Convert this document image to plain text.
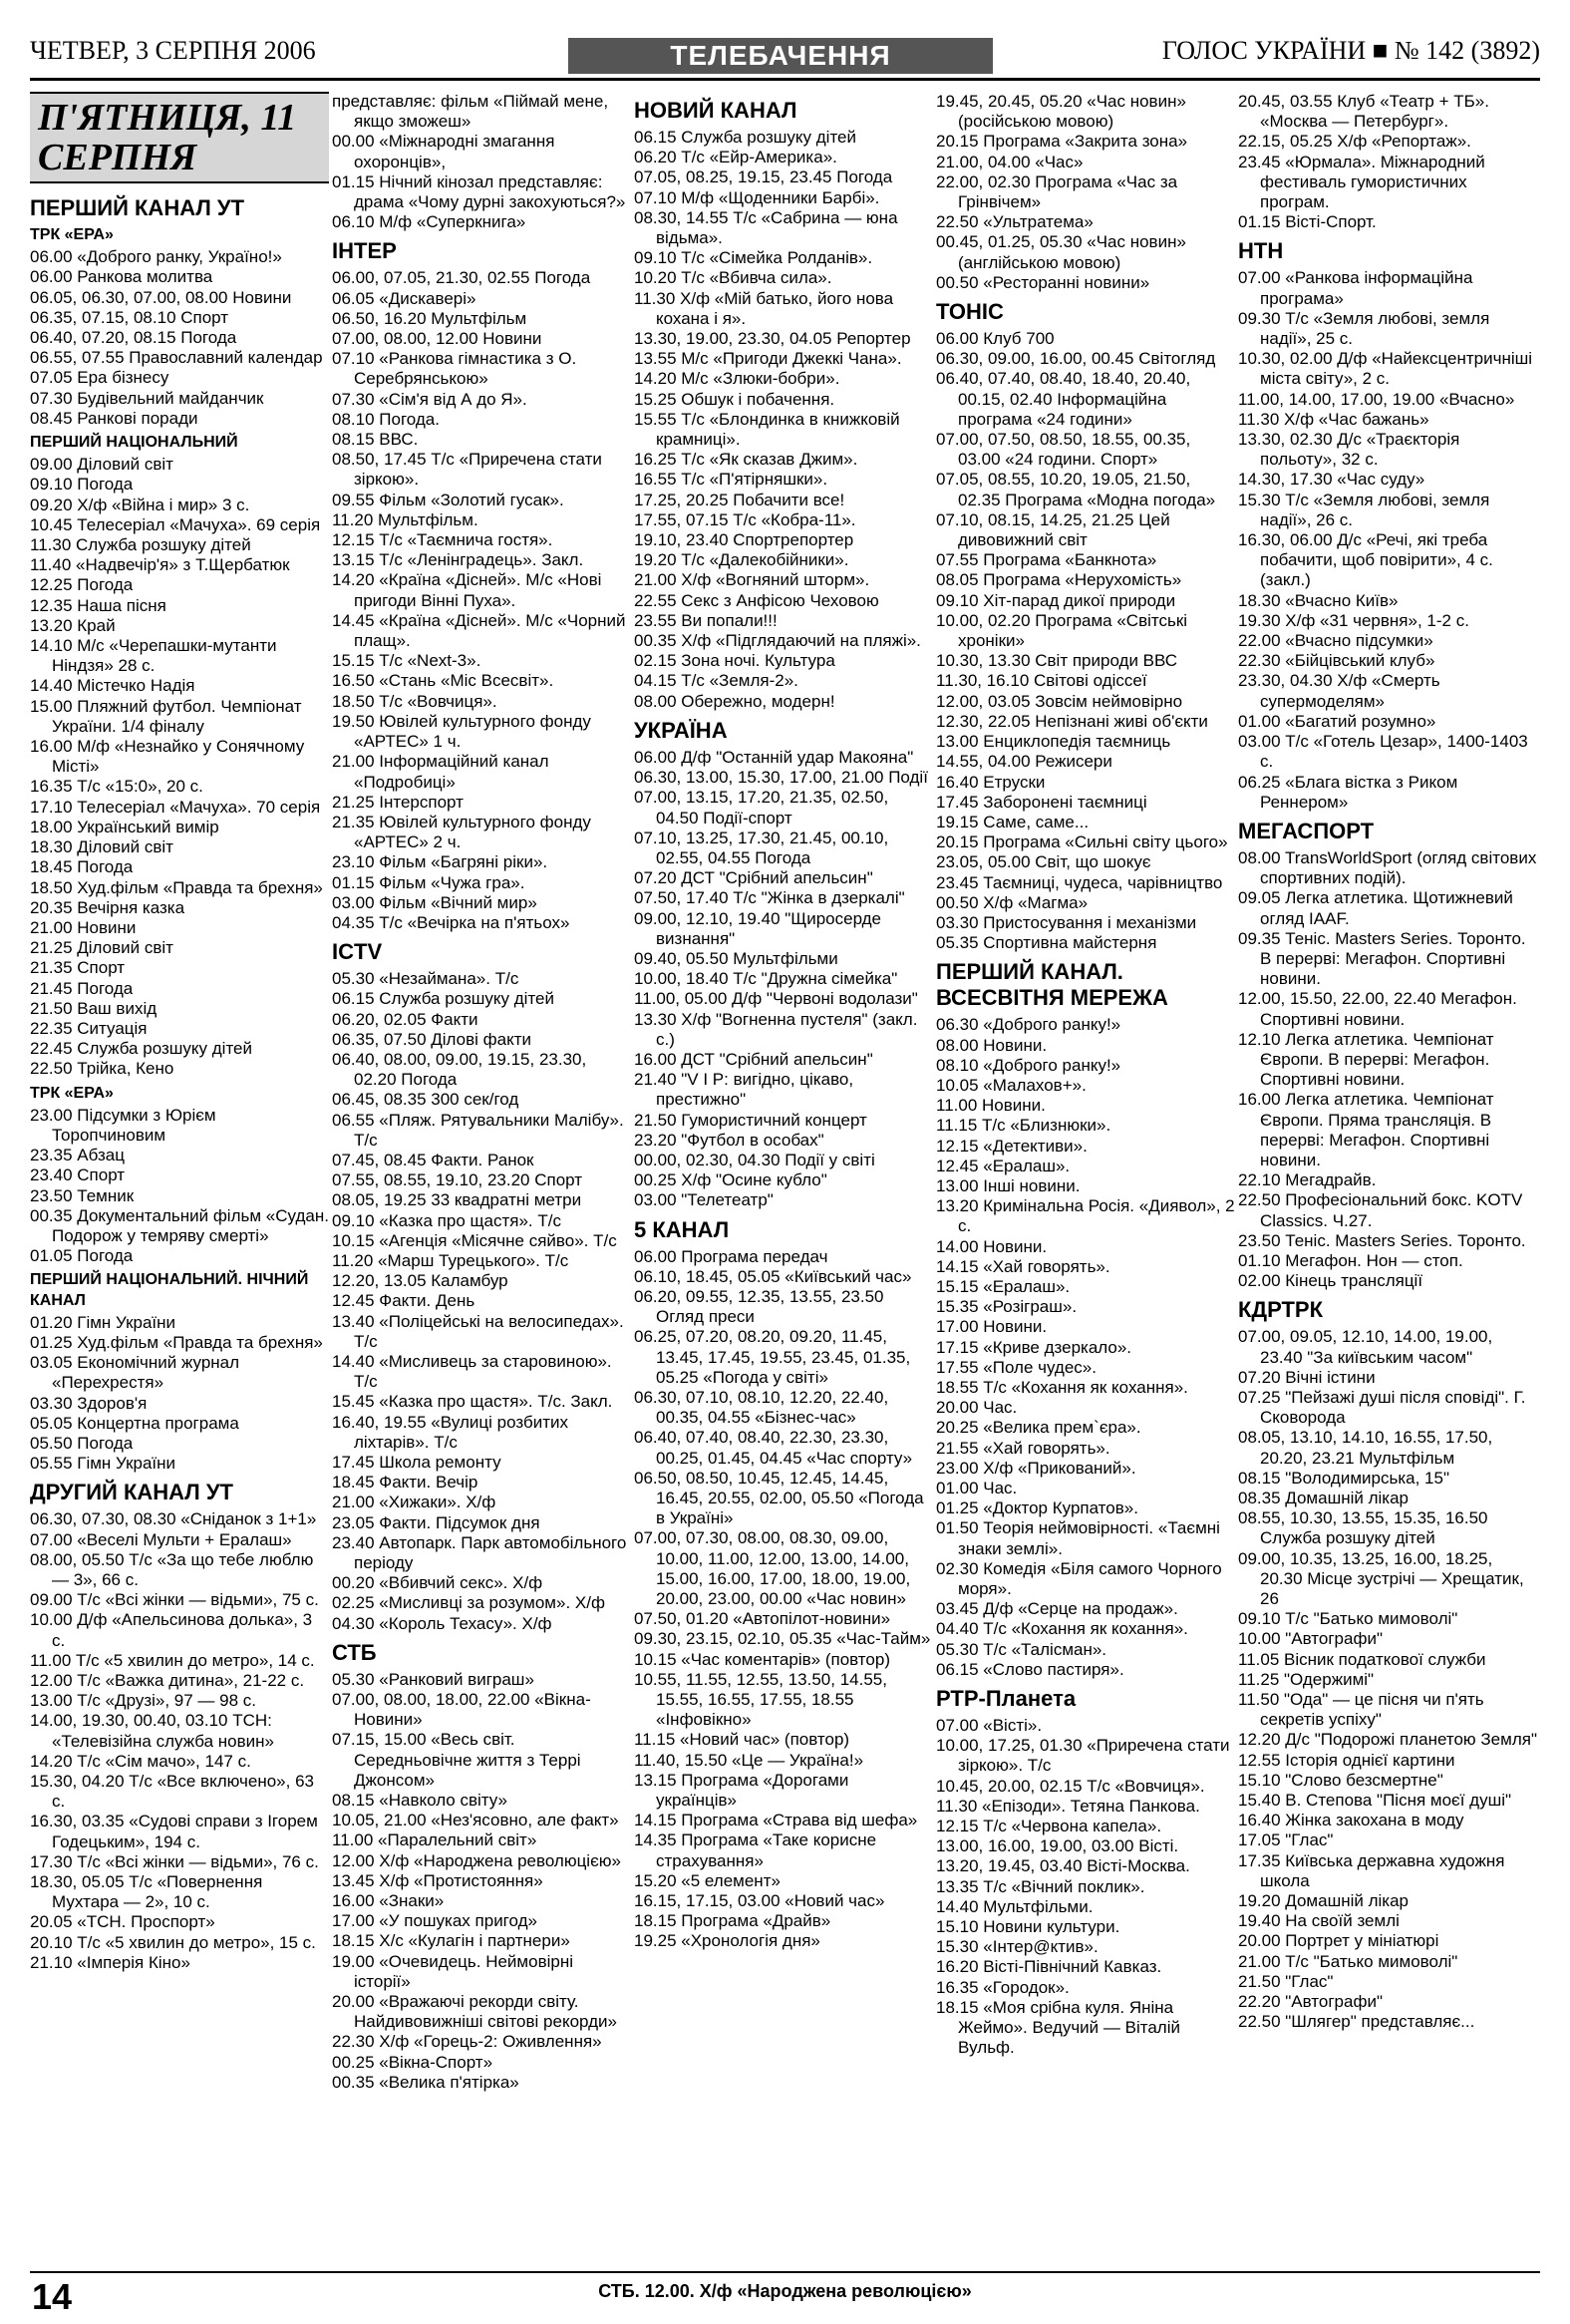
ЧЕТВЕР, 3 СЕРПНЯ 2006	ТЕЛЕБАЧЕННЯ	ГОЛОС УКРАЇНИ ■ № 142 (3892)
П'ЯТНИЦЯ, 11 СЕРПНЯ
ПЕРШИЙ КАНАЛ УТ
ТРК «ЕРА»
06.00 «Доброго ранку, Україно!»
06.00 Ранкова молитва
06.05, 06.30, 07.00, 08.00 Новини
06.35, 07.15, 08.10 Спорт
06.40, 07.20, 08.15 Погода
06.55, 07.55 Православний календар
07.05 Ера бізнесу
07.30 Будівельний майданчик
08.45 Ранкові поради
ПЕРШИЙ НАЦІОНАЛЬНИЙ
09.00 Діловий світ
09.10 Погода
09.20 Х/ф «Війна і мир» 3 с.
10.45 Телесеріал «Мачуха». 69 серія
11.30 Служба розшуку дітей
11.40 «Надвечір'я» з Т.Щербатюк
12.25 Погода
12.35 Наша пісня
13.20 Край
14.10 М/с «Черепашки-мутанти Ніндзя» 28 с.
14.40 Містечко Надія
15.00 Пляжний футбол. Чемпіонат України. 1/4 фіналу
16.00 М/ф «Незнайко у Сонячному Місті»
16.35 Т/с «15:0», 20 с.
17.10 Телесеріал «Мачуха». 70 серія
18.00 Український вимір
18.30 Діловий світ
18.45 Погода
18.50 Худ.фільм «Правда та брехня»
20.35 Вечірня казка
21.00 Новини
21.25 Діловий світ
21.35 Спорт
21.45 Погода
21.50 Ваш вихід
22.35 Ситуація
22.45 Служба розшуку дітей
22.50 Трійка, Кено
ТРК «ЕРА»
23.00 Підсумки з Юрієм Торопчиновим
23.35 Абзац
23.40 Спорт
23.50 Темник
00.35 Документальний фільм «Судан. Подорож у темряву смерті»
01.05 Погода
ПЕРШИЙ НАЦІОНАЛЬНИЙ. НІЧНИЙ КАНАЛ
01.20 Гімн України
01.25 Худ.фільм «Правда та брехня»
03.05 Економічний журнал «Перехрестя»
03.30 Здоров'я
05.05 Концертна програма
05.50 Погода
05.55 Гімн України
ДРУГИЙ КАНАЛ УТ
06.30, 07.30, 08.30 «Сніданок з 1+1»
07.00 «Веселі Мульти + Ералаш»
08.00, 05.50 Т/с «За що тебе люблю — 3», 66 с.
09.00 Т/с «Всі жінки — відьми», 75 с.
10.00 Д/ф «Апельсинова долька», 3 с.
11.00 Т/с «5 хвилин до метро», 14 с.
12.00 Т/с «Важка дитина», 21-22 с.
13.00 Т/с «Друзі», 97 — 98 с.
14.00, 19.30, 00.40, 03.10 ТСН: «Телевізійна служба новин»
14.20 Т/с «Сім мачо», 147 с.
15.30, 04.20 Т/с «Все включено», 63 с.
16.30, 03.35 «Судові справи з Ігорем Годецьким», 194 с.
17.30 Т/с «Всі жінки — відьми», 76 с.
18.30, 05.05 Т/с «Повернення Мухтара — 2», 10 с.
20.05 «ТСН. Проспорт»
20.10 Т/с «5 хвилин до метро», 15 с.
21.10 «Імперія Кіно»
представляє: фільм «Піймай мене, якщо зможеш»
00.00 «Міжнародні змагання охоронців»,
01.15 Нічний кінозал представляє: драма «Чому дурні закохуються?»
06.10 М/ф «Суперкнига»
ІНТЕР
06.00, 07.05, 21.30, 02.55 Погода
06.05 «Дискавері»
06.50, 16.20 Мультфільм
07.00, 08.00, 12.00 Новини
07.10 «Ранкова гімнастика з О. Серебрянською»
07.30 «Сім'я від А до Я».
08.10 Погода.
08.15 ВВС.
08.50, 17.45 Т/с «Приречена стати зіркою».
09.55 Фільм «Золотий гусак».
11.20 Мультфільм.
12.15 Т/с «Таємнича гостя».
13.15 Т/с «Ленінградець». Закл.
14.20 «Країна «Дісней». М/с «Нові пригоди Вінні Пуха».
14.45 «Країна «Дісней». М/с «Чорний плащ».
15.15 Т/с «Next-3».
16.50 «Стань «Міс Всесвіт».
18.50 Т/с «Вовчиця».
19.50 Ювілей культурного фонду «АРТЕС» 1 ч.
21.00 Інформаційний канал «Подробиці»
21.25 Інтерспорт
21.35 Ювілей культурного фонду «АРТЕС» 2 ч.
23.10 Фільм «Багряні ріки».
01.15 Фільм «Чужа гра».
03.00 Фільм «Вічний мир»
04.35 Т/с «Вечірка на п'ятьох»
ICTV
05.30 «Незаймана». Т/с
06.15 Служба розшуку дітей
06.20, 02.05 Факти
06.35, 07.50 Ділові факти
06.40, 08.00, 09.00, 19.15, 23.30, 02.20 Погода
06.45, 08.35 300 сек/год
06.55 «Пляж. Рятувальники Малібу». Т/с
07.45, 08.45 Факти. Ранок
07.55, 08.55, 19.10, 23.20 Спорт
08.05, 19.25 33 квадратні метри
09.10 «Казка про щастя». Т/с
10.15 «Агенція «Місячне сяйво». Т/с
11.20 «Марш Турецького». Т/с
12.20, 13.05 Каламбур
12.45 Факти. День
13.40 «Поліцейські на велосипедах». Т/с
14.40 «Мисливець за старовиною». Т/с
15.45 «Казка про щастя». Т/с. Закл.
16.40, 19.55 «Вулиці розбитих ліхтарів». Т/с
17.45 Школа ремонту
18.45 Факти. Вечір
21.00 «Хижаки». Х/ф
23.05 Факти. Підсумок дня
23.40 Автопарк. Парк автомобільного періоду
00.20 «Вбивчий секс». Х/ф
02.25 «Мисливці за розумом». Х/ф
04.30 «Король Техасу». Х/ф
СТБ
05.30 «Ранковий виграш»
07.00, 08.00, 18.00, 22.00 «Вікна-Новини»
07.15, 15.00 «Весь світ. Середньовічне життя з Террі Джонсом»
08.15 «Навколо світу»
10.05, 21.00 «Нез'ясовно, але факт»
11.00 «Паралельний світ»
12.00 Х/ф «Народжена революцією»
13.45 Х/ф «Протистояння»
16.00 «Знаки»
17.00 «У пошуках пригод»
18.15 Х/с «Кулагін і партнери»
19.00 «Очевидець. Неймовірні історії»
20.00 «Вражаючі рекорди світу. Найдивовижніші світові рекорди»
22.30 Х/ф «Горець-2: Оживлення»
00.25 «Вікна-Спорт»
00.35 «Велика п'ятірка»
НОВИЙ КАНАЛ
06.15 Служба розшуку дітей
06.20 Т/с «Ейр-Америка».
07.05, 08.25, 19.15, 23.45 Погода
07.10 М/ф «Щоденники Барбі».
08.30, 14.55 Т/с «Сабрина — юна відьма».
09.10 Т/с «Сімейка Ролданів».
10.20 Т/с «Вбивча сила».
11.30 Х/ф «Мій батько, його нова кохана і я».
13.30, 19.00, 23.30, 04.05 Репортер
13.55 М/с «Пригоди Джеккі Чана».
14.20 М/с «Злюки-бобри».
15.25 Обшук і побачення.
15.55 Т/с «Блондинка в книжковій крамниці».
16.25 Т/с «Як сказав Джим».
16.55 Т/с «П'ятірняшки».
17.25, 20.25 Побачити все!
17.55, 07.15 Т/с «Кобра-11».
19.10, 23.40 Спортрепортер
19.20 Т/с «Далекобійники».
21.00 Х/ф «Вогняний шторм».
22.55 Секс з Анфісою Чеховою
23.55 Ви попали!!!
00.35 Х/ф «Підглядаючий на пляжі».
02.15 Зона ночі. Культура
04.15 Т/с «Земля-2».
08.00 Обережно, модерн!
УКРАЇНА
06.00 Д/ф "Останній удар Макояна"
06.30, 13.00, 15.30, 17.00, 21.00 Події
07.00, 13.15, 17.20, 21.35, 02.50, 04.50 Події-спорт
07.10, 13.25, 17.30, 21.45, 00.10, 02.55, 04.55 Погода
07.20 ДСТ "Срібний апельсин"
07.50, 17.40 Т/с "Жінка в дзеркалі"
09.00, 12.10, 19.40 "Щиросерде визнання"
09.40, 05.50 Мультфільми
10.00, 18.40 Т/с "Дружна сімейка"
11.00, 05.00 Д/ф "Червоні водолази"
13.30 Х/ф "Вогненна пустеля" (закл. с.)
16.00 ДСТ "Срібний апельсин"
21.40 "V I P: вигідно, цікаво, престижно"
21.50 Гумористичний концерт
23.20 "Футбол в особах"
00.00, 02.30, 04.30 Події у світі
00.25 Х/ф "Осине кубло"
03.00 "Телетеатр"
5 КАНАЛ
06.00 Програма передач
06.10, 18.45, 05.05 «Київський час»
06.20, 09.55, 12.35, 13.55, 23.50 Огляд преси
06.25, 07.20, 08.20, 09.20, 11.45, 13.45, 17.45, 19.55, 23.45, 01.35, 05.25 «Погода у світі»
06.30, 07.10, 08.10, 12.20, 22.40, 00.35, 04.55 «Бізнес-час»
06.40, 07.40, 08.40, 22.30, 23.30, 00.25, 01.45, 04.45 «Час спорту»
06.50, 08.50, 10.45, 12.45, 14.45, 16.45, 20.55, 02.00, 05.50 «Погода в Україні»
07.00, 07.30, 08.00, 08.30, 09.00, 10.00, 11.00, 12.00, 13.00, 14.00, 15.00, 16.00, 17.00, 18.00, 19.00, 20.00, 23.00, 00.00 «Час новин»
07.50, 01.20 «Автопілот-новини»
09.30, 23.15, 02.10, 05.35 «Час-Тайм»
10.15 «Час коментарів» (повтор)
10.55, 11.55, 12.55, 13.50, 14.55, 15.55, 16.55, 17.55, 18.55 «Інфовікно»
11.15 «Новий час» (повтор)
11.40, 15.50 «Це — Україна!»
13.15 Програма «Дорогами українців»
14.15 Програма «Страва від шефа»
14.35 Програма «Таке корисне страхування»
15.20 «5 елемент»
16.15, 17.15, 03.00 «Новий час»
18.15 Програма «Драйв»
19.25 «Хронологія дня»
19.45, 20.45, 05.20 «Час новин» (російською мовою)
20.15 Програма «Закрита зона»
21.00, 04.00 «Час»
22.00, 02.30 Програма «Час за Грінвічем»
22.50 «Ультратема»
00.45, 01.25, 05.30 «Час новин» (англійською мовою)
00.50 «Ресторанні новини»
ТОНІС
06.00 Клуб 700
06.30, 09.00, 16.00, 00.45 Світогляд
06.40, 07.40, 08.40, 18.40, 20.40, 00.15, 02.40 Інформаційна програма «24 години»
07.00, 07.50, 08.50, 18.55, 00.35, 03.00 «24 години. Спорт»
07.05, 08.55, 10.20, 19.05, 21.50, 02.35 Програма «Модна погода»
07.10, 08.15, 14.25, 21.25 Цей дивовижний світ
07.55 Програма «Банкнота»
08.05 Програма «Нерухомість»
09.10 Хіт-парад дикої природи
10.00, 02.20 Програма «Світські хроніки»
10.30, 13.30 Світ природи ВВС
11.30, 16.10 Світові одіссеї
12.00, 03.05 Зовсім неймовірно
12.30, 22.05 Непізнані живі об'єкти
13.00 Енциклопедія таємниць
14.55, 04.00 Режисери
16.40 Етруски
17.45 Заборонені таємниці
19.15 Саме, саме...
20.15 Програма «Сильні світу цього»
23.05, 05.00 Світ, що шокує
23.45 Таємниці, чудеса, чарівництво
00.50 Х/ф «Магма»
03.30 Пристосування і механізми
05.35 Спортивна майстерня
ПЕРШИЙ КАНАЛ. ВСЕСВІТНЯ МЕРЕЖА
06.30 «Доброго ранку!»
08.00 Новини.
08.10 «Доброго ранку!»
10.05 «Малахов+».
11.00 Новини.
11.15 Т/с «Близнюки».
12.15 «Детективи».
12.45 «Ералаш».
13.00 Інші новини.
13.20 Кримінальна Росія. «Диявол», 2 с.
14.00 Новини.
14.15 «Хай говорять».
15.15 «Ералаш».
15.35 «Розіграш».
17.00 Новини.
17.15 «Криве дзеркало».
17.55 «Поле чудес».
18.55 Т/с «Кохання як кохання».
20.00 Час.
20.25 «Велика прем`єра».
21.55 «Хай говорять».
23.00 Х/ф «Прикований».
01.00 Час.
01.25 «Доктор Курпатов».
01.50 Теорія неймовірності. «Таємні знаки землі».
02.30 Комедія «Біля самого Чорного моря».
03.45 Д/ф «Серце на продаж».
04.40 Т/с «Кохання як кохання».
05.30 Т/с «Талісман».
06.15 «Слово пастиря».
РТР-Планета
07.00 «Вісті».
10.00, 17.25, 01.30 «Приречена стати зіркою». Т/с
10.45, 20.00, 02.15 Т/с «Вовчиця».
11.30 «Епізоди». Тетяна Панкова.
12.15 Т/с «Червона капела».
13.00, 16.00, 19.00, 03.00 Вісті.
13.20, 19.45, 03.40 Вісті-Москва.
13.35 Т/с «Вічний поклик».
14.40 Мультфільми.
15.10 Новини культури.
15.30 «Інтер@ктив».
16.20 Вісті-Північний Кавказ.
16.35 «Городок».
18.15 «Моя срібна куля. Яніна Жеймо». Ведучий — Віталій Вульф.
20.45, 03.55 Клуб «Театр + ТБ». «Москва — Петербург».
22.15, 05.25 Х/ф «Репортаж».
23.45 «Юрмала». Міжнародний фестиваль гумористичних програм.
01.15 Вісті-Спорт.
НТН
07.00 «Ранкова інформаційна програма»
09.30 Т/с «Земля любові, земля надії», 25 с.
10.30, 02.00 Д/ф «Найексцентричніші міста світу», 2 с.
11.00, 14.00, 17.00, 19.00 «Вчасно»
11.30 Х/ф «Час бажань»
13.30, 02.30 Д/с «Траєкторія польоту», 32 с.
14.30, 17.30 «Час суду»
15.30 Т/с «Земля любові, земля надії», 26 с.
16.30, 06.00 Д/с «Речі, які треба побачити, щоб повірити», 4 с. (закл.)
18.30 «Вчасно Київ»
19.30 Х/ф «31 червня», 1-2 с.
22.00 «Вчасно підсумки»
22.30 «Бійцівський клуб»
23.30, 04.30 Х/ф «Смерть супермоделям»
01.00 «Багатий розумно»
03.00 Т/с «Готель Цезар», 1400-1403 с.
06.25 «Блага вістка з Риком Реннером»
МЕГАСПОРТ
08.00 TransWorldSport (огляд світових спортивних подій).
09.05 Легка атлетика. Щотижневий огляд IAAF.
09.35 Теніс. Masters Series. Торонто. В перерві: Мегафон. Спортивні новини.
12.00, 15.50, 22.00, 22.40 Мегафон. Спортивні новини.
12.10 Легка атлетика. Чемпіонат Європи. В перерві: Мегафон. Спортивні новини.
16.00 Легка атлетика. Чемпіонат Європи. Пряма трансляція. В перерві: Мегафон. Спортивні новини.
22.10 Мегадрайв.
22.50 Професіональний бокс. KOTV Classics. Ч.27.
23.50 Теніс. Masters Series. Торонто.
01.10 Мегафон. Нон — стоп.
02.00 Кінець трансляції
КДРТРК
07.00, 09.05, 12.10, 14.00, 19.00, 23.40 "За київським часом"
07.20 Вічні істини
07.25 "Пейзажі душі після сповіді". Г. Сковорода
08.05, 13.10, 14.10, 16.55, 17.50, 20.20, 23.21 Мультфільм
08.15 "Володимирська, 15"
08.35 Домашній лікар
08.55, 10.30, 13.55, 15.35, 16.50 Служба розшуку дітей
09.00, 10.35, 13.25, 16.00, 18.25, 20.30 Місце зустрічі — Хрещатик, 26
09.10 Т/с "Батько мимоволі"
10.00 "Автографи"
11.05 Вісник податкової служби
11.25 "Одержимі"
11.50 "Ода" — це пісня чи п'ять секретів успіху"
12.20 Д/с "Подорожі планетою Земля"
12.55 Історія однієї картини
15.10 "Слово безсмертне"
15.40 В. Степова "Пісня моєї душі"
16.40 Жінка закохана в моду
17.05 "Глас"
17.35 Київська державна художня школа
19.20 Домашній лікар
19.40 На своїй землі
20.00 Портрет у мініатюрі
21.00 Т/с "Батько мимоволі"
21.50 "Глас"
22.20 "Автографи"
22.50 "Шлягер" представляє...
14	СТБ. 12.00. Х/ф «Народжена революцією»
